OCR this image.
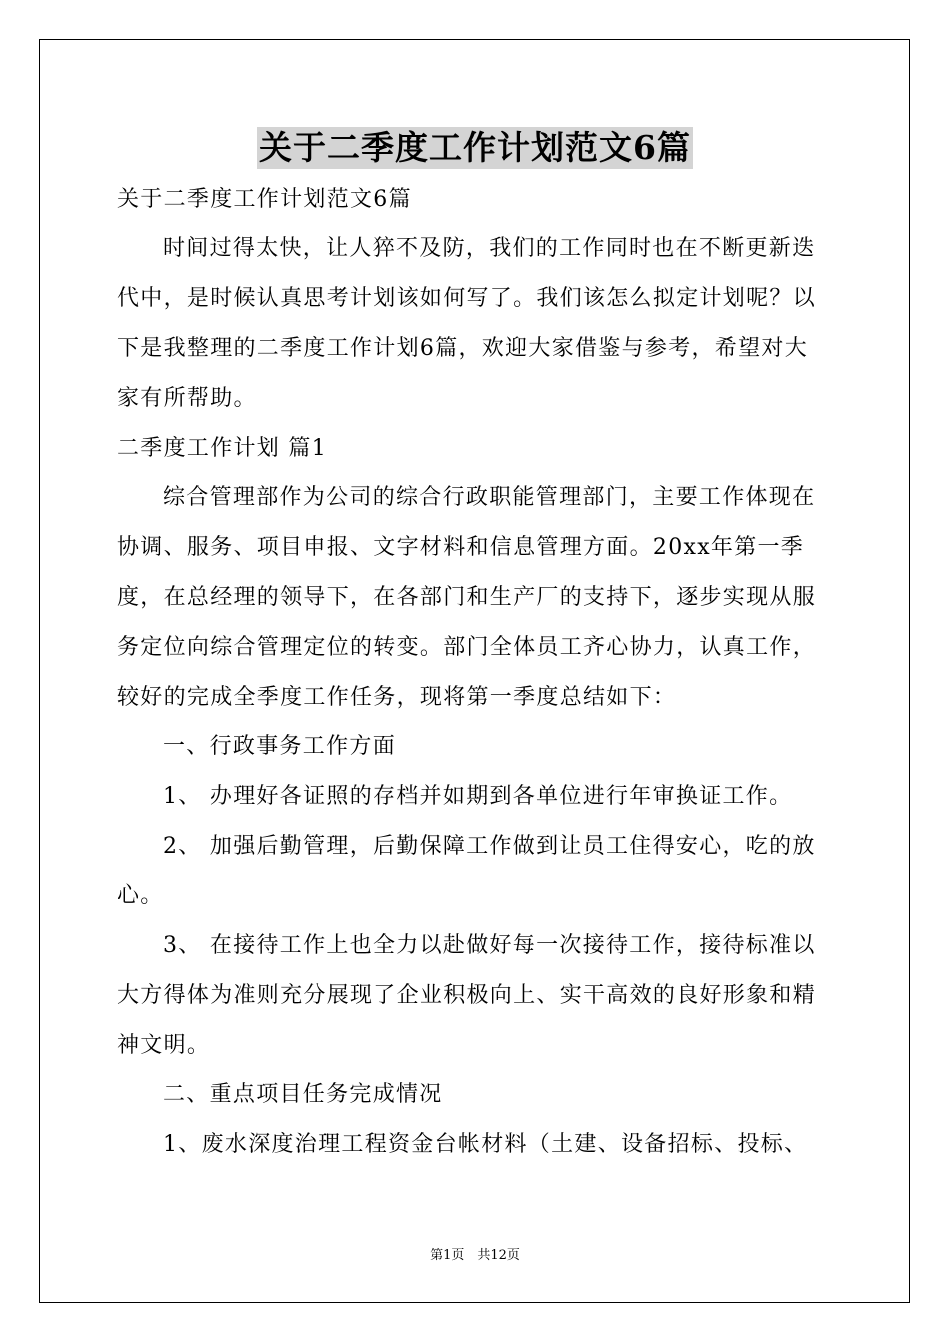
关于二季度工作计划范文6篇
关于二季度工作计划范文6篇
时间过得太快，让人猝不及防，我们的工作同时也在不断更新迭
代中，是时候认真思考计划该如何写了。我们该怎么拟定计划呢？以
下是我整理的二季度工作计划6篇，欢迎大家借鉴与参考，希望对大
家有所帮助。
二季度工作计划 篇1
综合管理部作为公司的综合行政职能管理部门，主要工作体现在
协调、服务、项目申报、文字材料和信息管理方面。20xx年第一季
度，在总经理的领导下，在各部门和生产厂的支持下，逐步实现从服
务定位向综合管理定位的转变。部门全体员工齐心协力，认真工作，
较好的完成全季度工作任务，现将第一季度总结如下：
一、行政事务工作方面
1、 办理好各证照的存档并如期到各单位进行年审换证工作。
2、 加强后勤管理，后勤保障工作做到让员工住得安心，吃的放
心。
3、 在接待工作上也全力以赴做好每一次接待工作，接待标准以
大方得体为准则充分展现了企业积极向上、实干高效的良好形象和精
神文明。
二、重点项目任务完成情况
1、废水深度治理工程资金台帐材料（土建、设备招标、投标、
第1页　共12页
